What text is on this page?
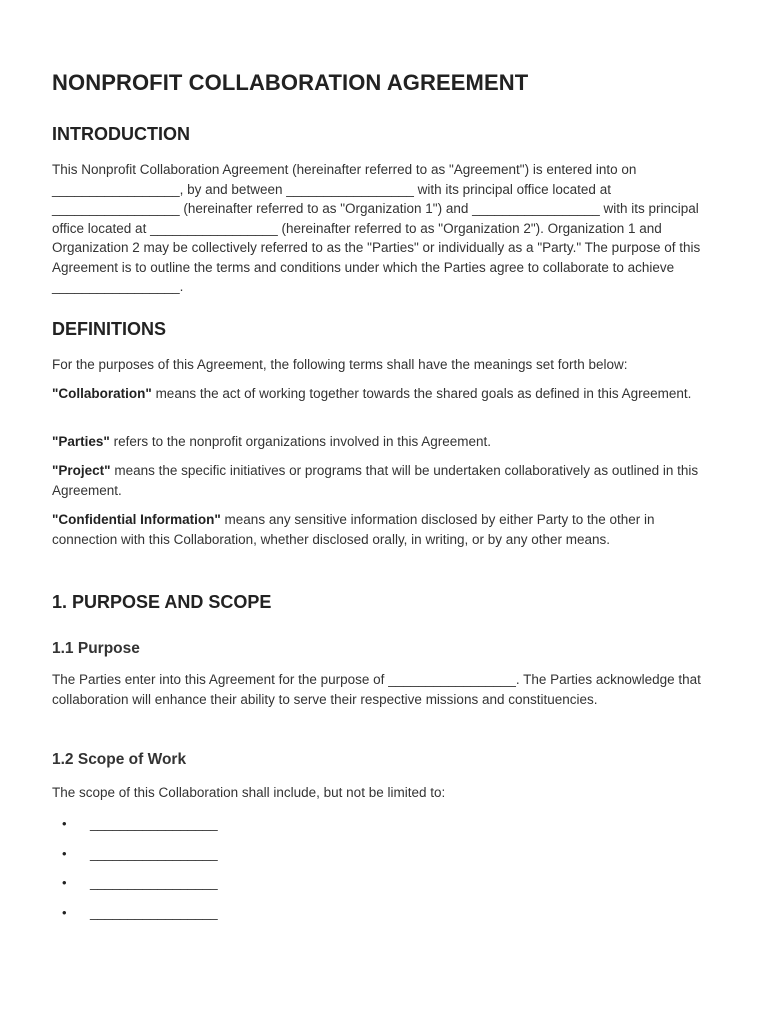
NONPROFIT COLLABORATION AGREEMENT
INTRODUCTION

This Nonprofit Collaboration Agreement (hereinafter referred to as "Agreement") is entered into on _________________, by and between _________________ with its principal office located at _________________ (hereinafter referred to as "Organization 1") and _________________ with its principal office located at _________________ (hereinafter referred to as "Organization 2"). Organization 1 and Organization 2 may be collectively referred to as the "Parties" or individually as a "Party." The purpose of this Agreement is to outline the terms and conditions under which the Parties agree to collaborate to achieve _________________.

DEFINITIONS

For the purposes of this Agreement, the following terms shall have the meanings set forth below:

"Collaboration" means the act of working together towards the shared goals as defined in this Agreement.

"Parties" refers to the nonprofit organizations involved in this Agreement.

"Project" means the specific initiatives or programs that will be undertaken collaboratively as outlined in this Agreement.

"Confidential Information" means any sensitive information disclosed by either Party to the other in connection with this Collaboration, whether disclosed orally, in writing, or by any other means.

1. PURPOSE AND SCOPE
1.1 Purpose

The Parties enter into this Agreement for the purpose of _________________. The Parties acknowledge that collaboration will enhance their ability to serve their respective missions and constituencies.

1.2 Scope of Work

The scope of this Collaboration shall include, but not be limited to:

• _________________
• _________________
• _________________
• _________________
